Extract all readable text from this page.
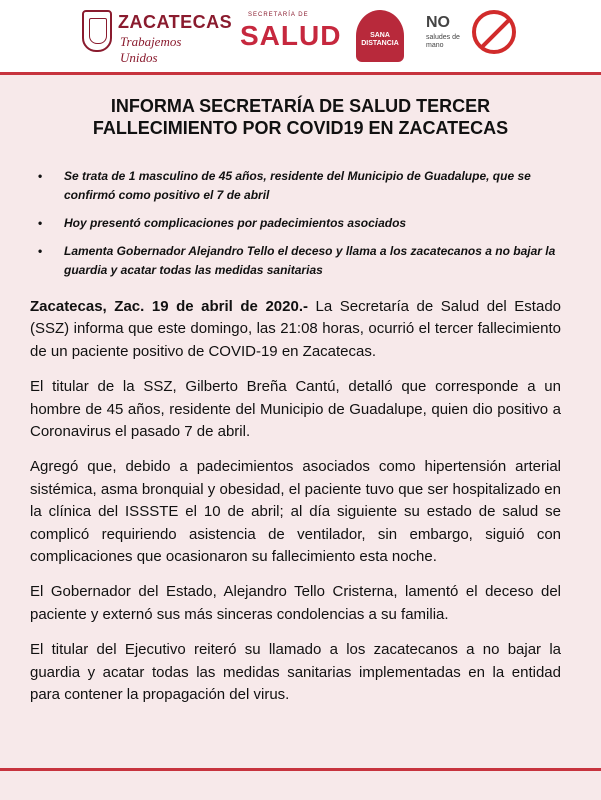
ZACATECAS
Trabajemos Unidos
SECRETARÍA DE
SALUD	SANA DISTANCIA
NO
saludes de mano
INFORMA SECRETARÍA DE SALUD TERCER
FALLECIMIENTO POR COVID19 EN ZACATECAS
• Se trata de 1 masculino de 45 años, residente del Municipio de Guadalupe, que se confirmó como positivo el 7 de abril
• Hoy presentó complicaciones por padecimientos asociados
• Lamenta Gobernador Alejandro Tello el deceso y llama a los zacatecanos a no bajar la guardia y acatar todas las medidas sanitarias

Zacatecas, Zac. 19 de abril de 2020.- La Secretaría de Salud del Estado (SSZ) informa que este domingo, las 21:08 horas, ocurrió el tercer fallecimiento de un paciente positivo de COVID-19 en Zacatecas.

El titular de la SSZ, Gilberto Breña Cantú, detalló que corresponde a un hombre de 45 años, residente del Municipio de Guadalupe, quien dio positivo a Coronavirus el pasado 7 de abril.

Agregó que, debido a padecimientos asociados como hipertensión arterial sistémica, asma bronquial y obesidad, el paciente tuvo que ser hospitalizado en la clínica del ISSSTE el 10 de abril; al día siguiente su estado de salud se complicó requiriendo asistencia de ventilador, sin embargo, siguió con complicaciones que ocasionaron su fallecimiento esta noche.

El Gobernador del Estado, Alejandro Tello Cristerna, lamentó el deceso del paciente y externó sus más sinceras condolencias a su familia.

El titular del Ejecutivo reiteró su llamado a los zacatecanos a no bajar la guardia y acatar todas las medidas sanitarias implementadas en la entidad para contener la propagación del virus.
